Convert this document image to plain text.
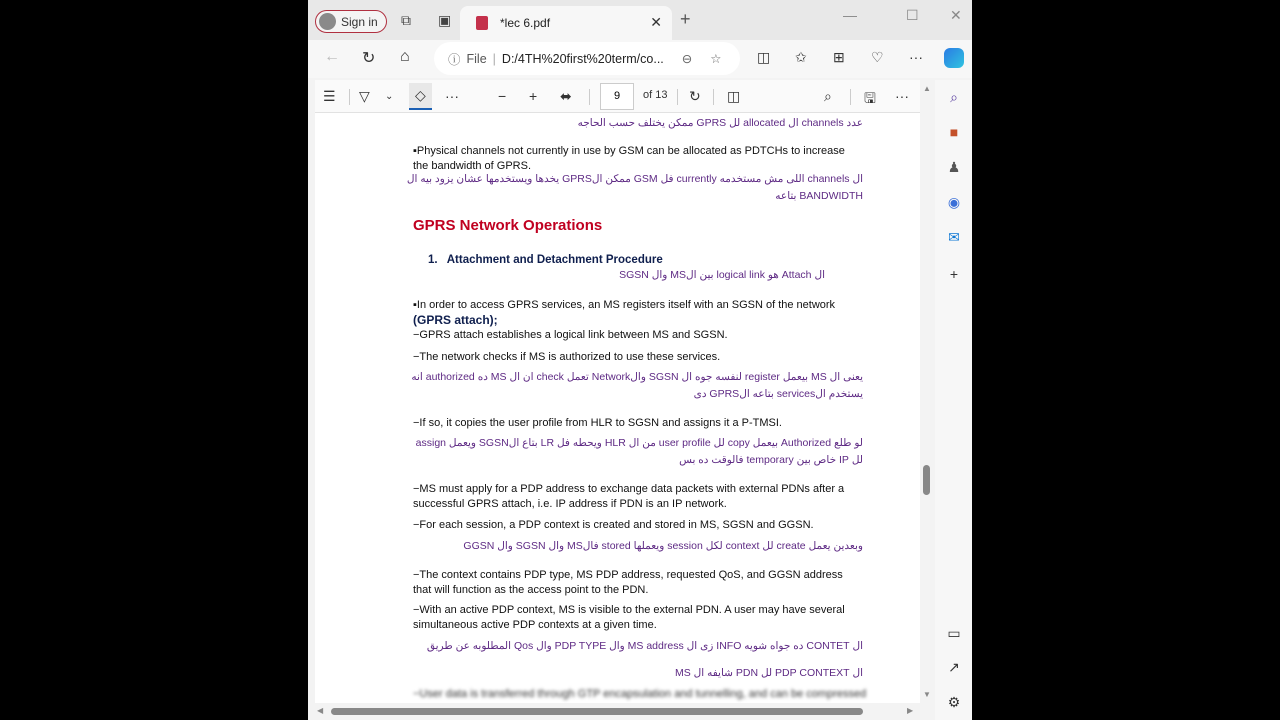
Sign in ⧉ ▣	*lec 6.pdf	✕ +	—	☐ ✕
← ↻ ⌂	ⓘ File | D:/4TH%20first%20term/co... ⊖ ☆	◫ ✩ ⊞ ♡ ···
☰ ▽ ⌄	◇	···	− + ⬌	9	of 13 ↻ ◫	⌕ 🖫 ···
عدد channels ال allocated لل GPRS ممكن يختلف حسب الحاجه
▪Physical channels not currently in use by GSM can be allocated as PDTCHs to increase the bandwidth of GPRS.
ال channels اللى مش مستخدمه currently فل GSM ممكن الGPRS يخدها ويستخدمها عشان يزود بيه ال
BANDWIDTH بتاعه
GPRS Network Operations
1.   Attachment and Detachment Procedure
ال Attach هو logical link بين الMS وال SGSN
▪In order to access GPRS services, an MS registers itself with an SGSN of the network (GPRS attach);
−GPRS attach establishes a logical link between MS and SGSN.
−The network checks if MS is authorized to use these services.
يعنى ال MS بيعمل register لنفسه جوه ال SGSN والNetwork تعمل check ان ال MS ده authorized انه
يستخدم الservices بتاعه الGPRS دى
−If so, it copies the user profile from HLR to SGSN and assigns it a P-TMSI.
لو طلع Authorized بيعمل copy لل user profile من ال HLR ويحطه فل LR بتاع الSGSN ويعمل assign
لل IP خاص بين temporary فالوقت ده بس
−MS must apply for a PDP address to exchange data packets with external PDNs after a successful GPRS attach, i.e. IP address if PDN is an IP network.
−For each session, a PDP context is created and stored in MS, SGSN and GGSN.
وبعدين يعمل create لل context لكل session ويعملها stored فالMS وال SGSN وال GGSN
−The context contains PDP type, MS PDP address, requested QoS, and GGSN address that will function as the access point to the PDN.
−With an active PDP context, MS is visible to the external PDN. A user may have several simultaneous active PDP contexts at a given time.
ال CONTET ده جواه شويه INFO زى ال MS address وال PDP TYPE وال Qos المطلوبه عن طريق
ال PDP CONTEXT لل PDN شايفه ال MS
−User data is transferred through GTP encapsulation and tunnelling, and can be compressed
▲
▼
◀	▶
⌕
■
♟
◉
✉
+
▭
↗
⚙
